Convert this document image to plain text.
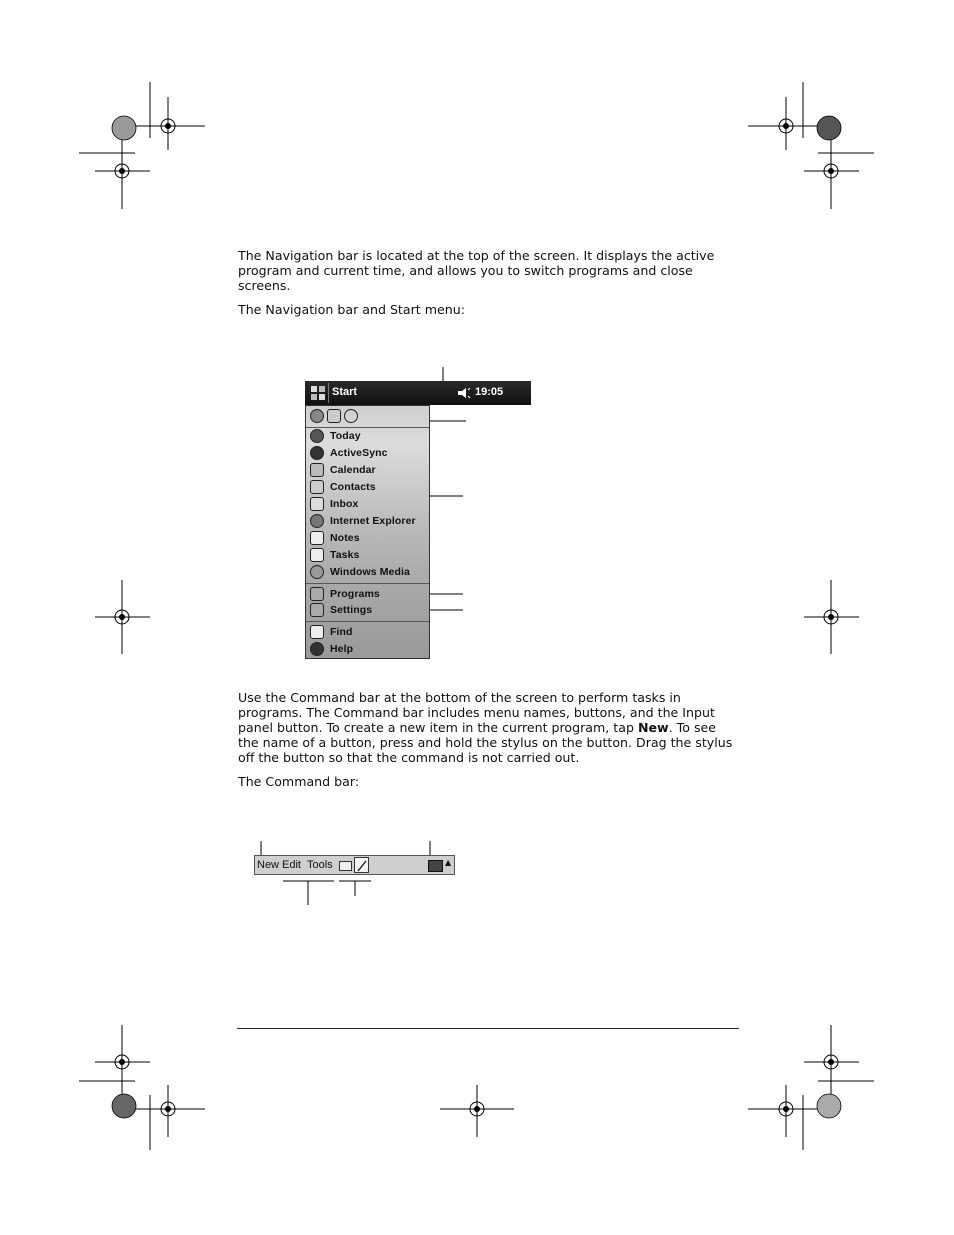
The Navigation bar is located at the top of the screen. It displays the active program and current time, and allows you to switch programs and close screens.

The Navigation bar and Start menu:

Start	19:05
Today
ActiveSync
Calendar
Contacts
Inbox
Internet Explorer
Notes
Tasks
Windows Media
Programs
Settings
Find
Help

Use the Command bar at the bottom of the screen to perform tasks in programs. The Command bar includes menu names, buttons, and the Input panel button. To create a new item in the current program, tap New. To see the name of a button, press and hold the stylus on the button. Drag the stylus off the button so that the command is not carried out.

The Command bar:

New Edit Tools	▲
